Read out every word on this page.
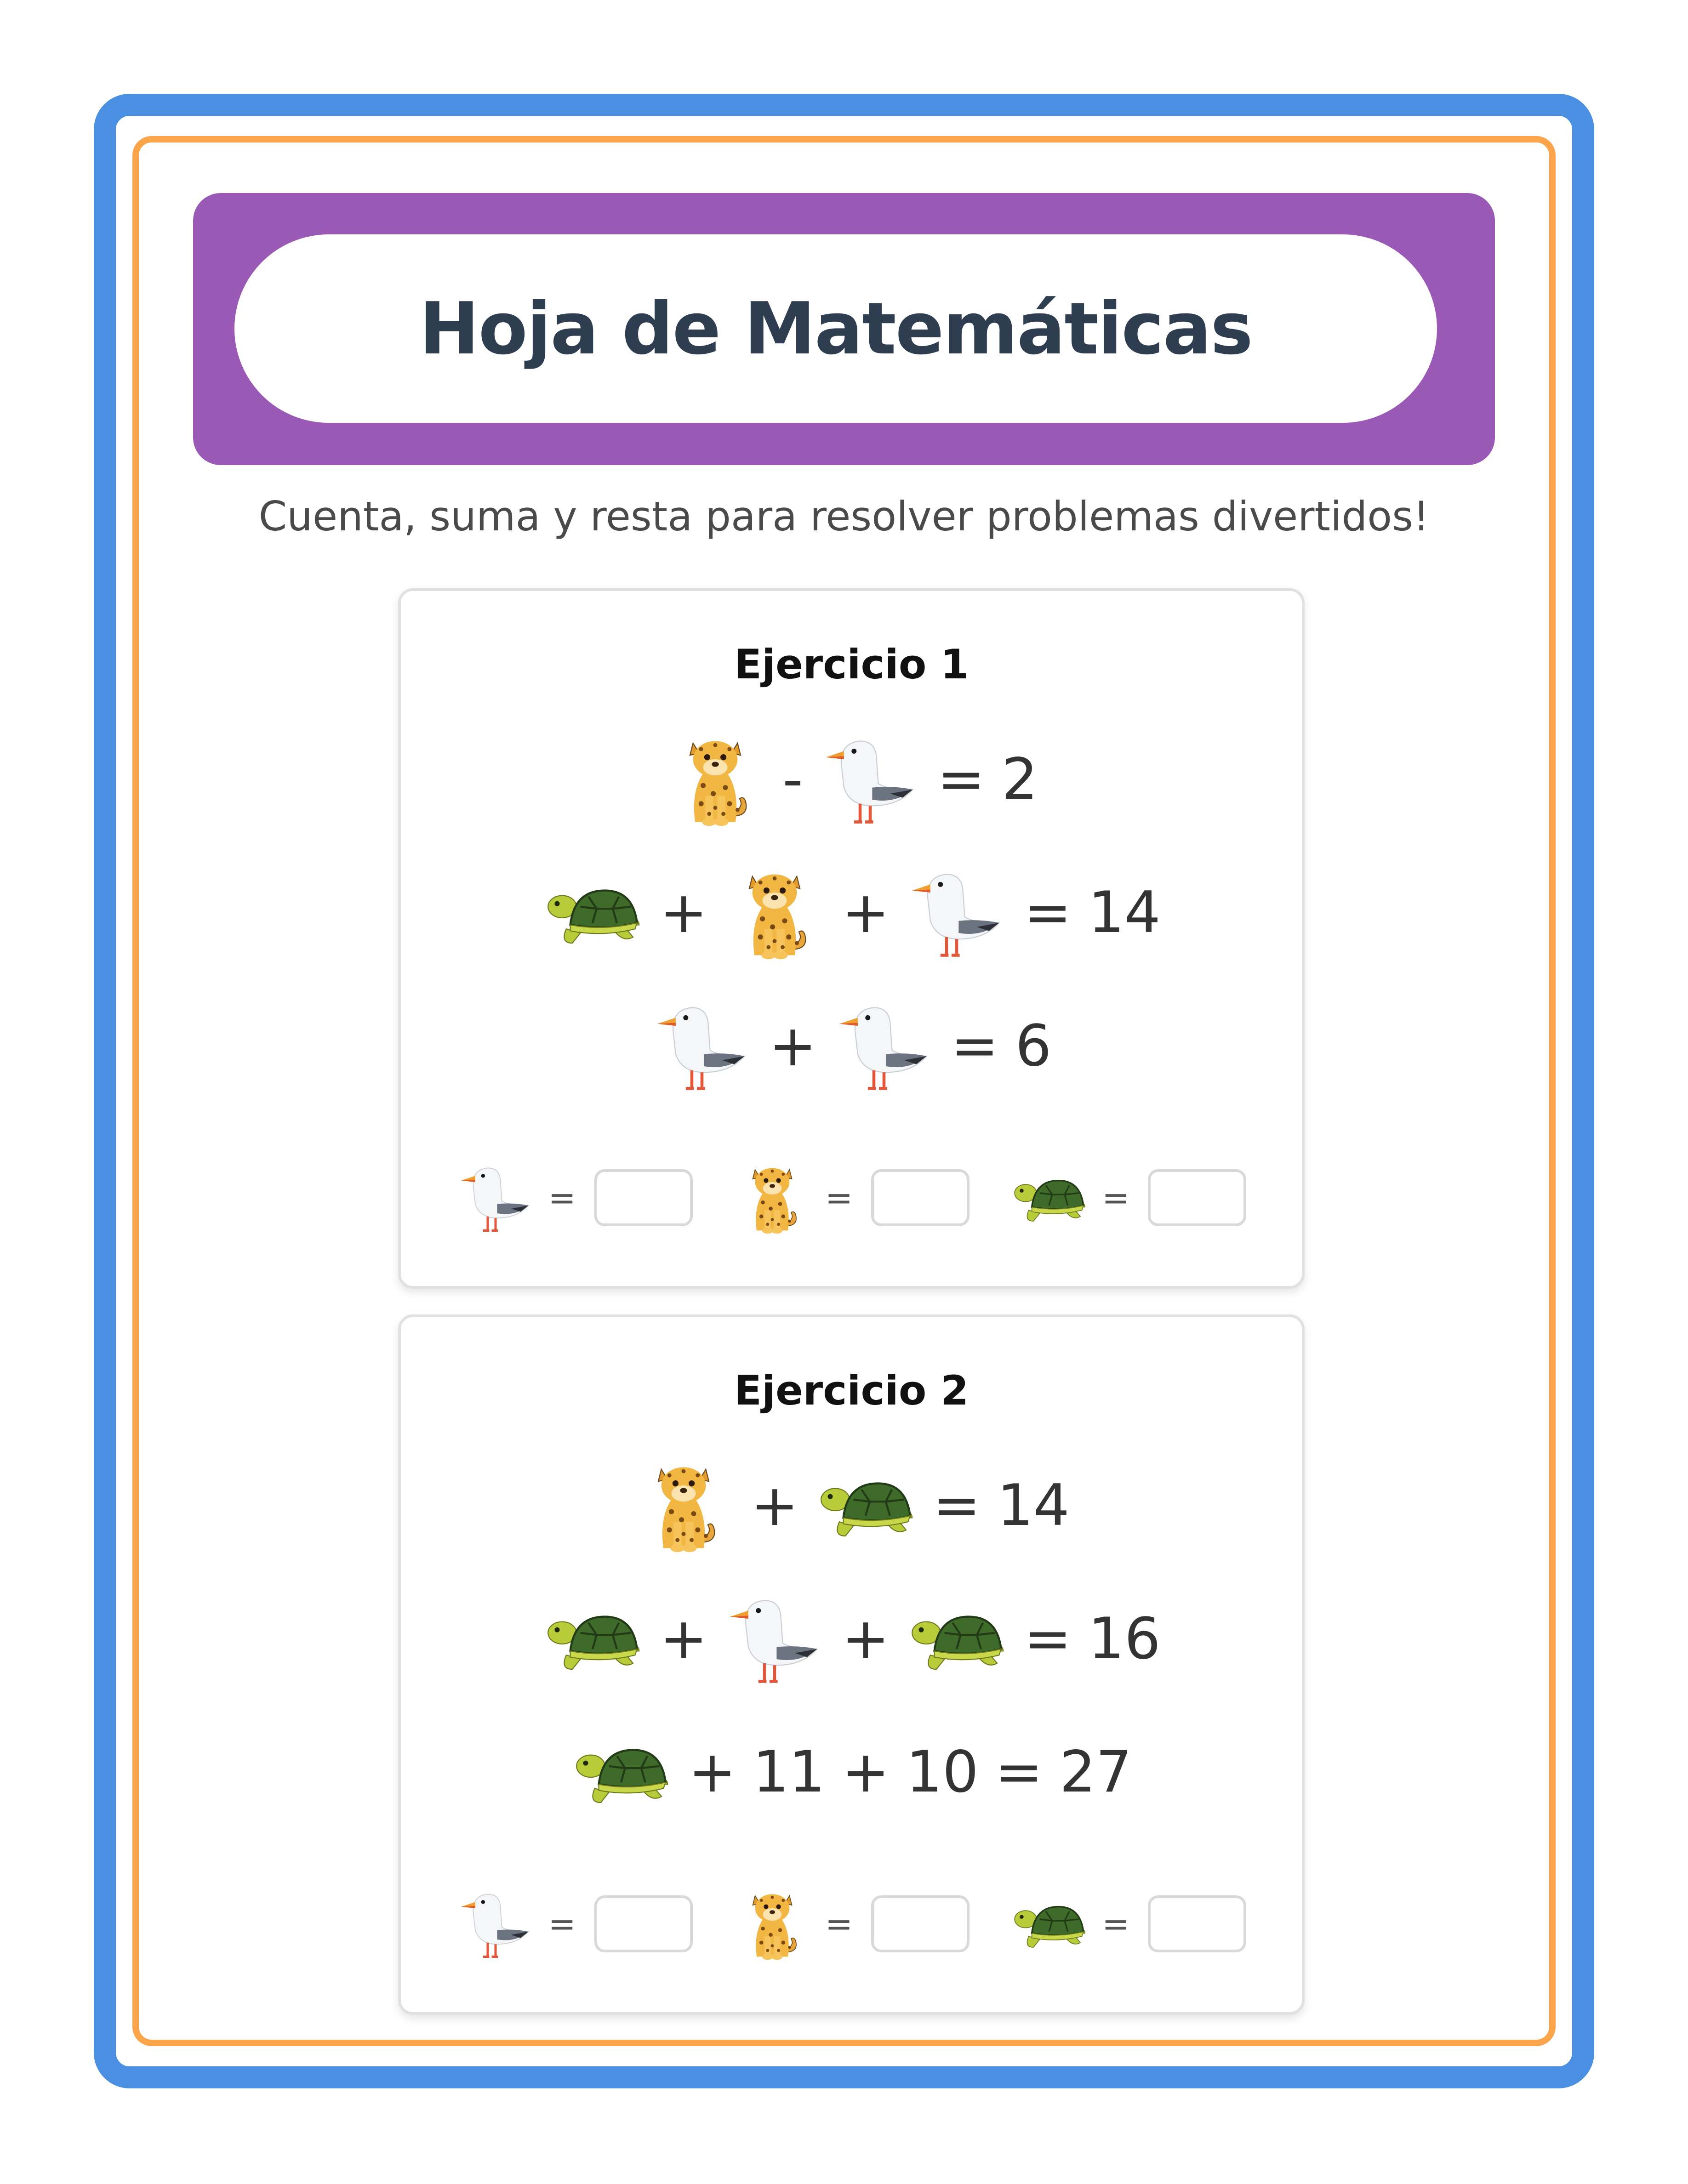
Hoja de Matemáticas

Cuenta, suma y resta para resolver problemas divertidos!

Ejercicio 1

- = 2
+ + = 14
+ = 6
=	=	=

Ejercicio 2

+ = 14
+ + = 16
+ 11 + 10 = 27
=	=	=
